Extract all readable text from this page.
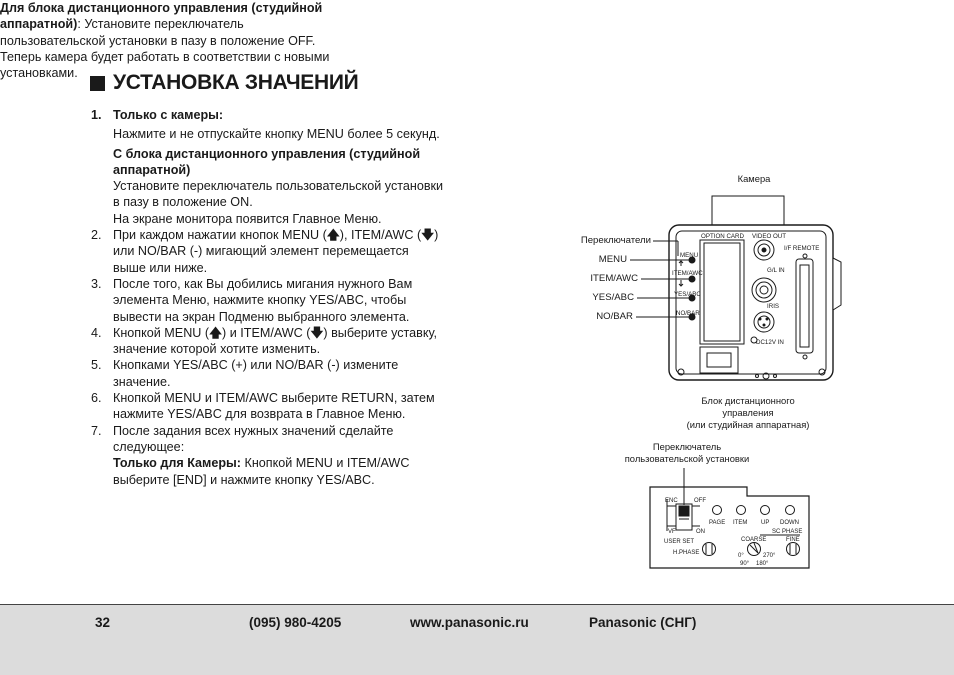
УСТАНОВКА ЗНАЧЕНИЙ
1. Только с камеры:
Нажмите и не отпускайте кнопку MENU более 5 секунд.
С блока дистанционного управления (студийной аппаратной)
Установите переключатель пользовательской установки в пазу в положение ON.
На экране монитора появится Главное Меню.
2. При каждом нажатии кнопок MENU (🡅), ITEM/AWC (🡇) или NO/BAR (-) мигающий элемент перемещается выше или ниже.
3. После того, как Вы добились мигания нужного Вам элемента Меню, нажмите кнопку YES/ABC, чтобы вывести на экран Подменю выбранного элемента.
4. Кнопкой MENU (🡅) и ITEM/AWC (🡇) выберите уставку, значение которой хотите изменить.
5. Кнопками YES/ABC (+) или NO/BAR (-) измените значение.
6. Кнопкой MENU и ITEM/AWC выберите RETURN, затем нажмите YES/ABC для возврата в Главное Меню.
7. После задания всех нужных значений сделайте следующее:
Только для Камеры: Кнопкой MENU и ITEM/AWC выберите [END] и нажмите кнопку YES/ABC.
Для блока дистанционного управления (студийной аппаратной): Установите переключатель пользовательской установки в пазу в положение OFF.
Теперь камера будет работать в соответствии с новыми установками.
Камера
Переключатели
MENU
ITEM/AWC
YES/ABC
NO/BAR
OPTION CARD VIDEO OUT
I/F REMOTE
G/L IN
IRIS
DC12V IN
MENU
ITEM/AWC
YES/ABC
NO/BAR
ENC	OFF
VF	ON
USER SET
H.PHASE
PAGE ITEM UP DOWN
SC PHASE
COARSE	FINE
0°	270°
90° 180°
Блок дистанционного
управления
(или студийная аппаратная)
Переключатель
пользовательской установки
32	(095) 980-4205	www.panasonic.ru	Panasonic (СНГ)
